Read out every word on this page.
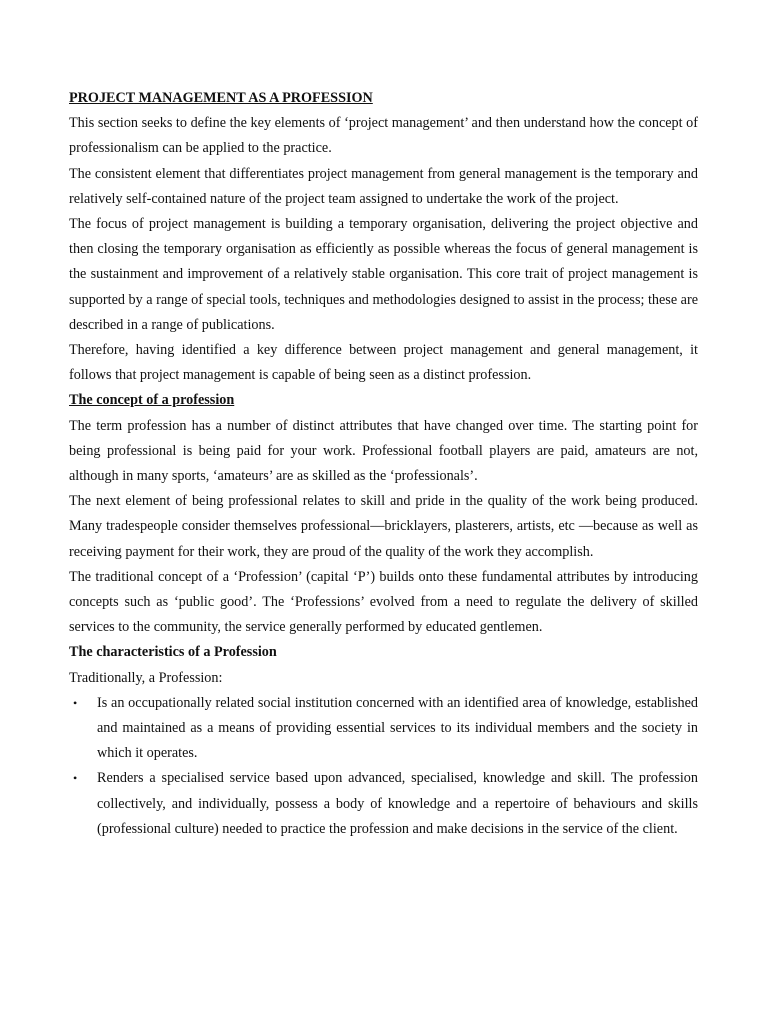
PROJECT MANAGEMENT AS A PROFESSION

This section seeks to define the key elements of ‘project management’ and then understand how the concept of professionalism can be applied to the practice.

The consistent element that differentiates project management from general management is the temporary and relatively self-contained nature of the project team assigned to undertake the work of the project.

The focus of project management is building a temporary organisation, delivering the project objective and then closing the temporary organisation as efficiently as possible whereas the focus of general management is the sustainment and improvement of a relatively stable organisation. This core trait of project management is supported by a range of special tools, techniques and methodologies designed to assist in the process; these are described in a range of publications.

Therefore, having identified a key difference between project management and general management, it follows that project management is capable of being seen as a distinct profession.

The concept of a profession

The term profession has a number of distinct attributes that have changed over time. The starting point for being professional is being paid for your work. Professional football players are paid, amateurs are not, although in many sports, ‘amateurs’ are as skilled as the ‘professionals’.

The next element of being professional relates to skill and pride in the quality of the work being produced. Many tradespeople consider themselves professional—bricklayers, plasterers, artists, etc —because as well as receiving payment for their work, they are proud of the quality of the work they accomplish.

The traditional concept of a ‘Profession’ (capital ‘P’) builds onto these fundamental attributes by introducing concepts such as ‘public good’. The ‘Professions’ evolved from a need to regulate the delivery of skilled services to the community, the service generally performed by educated gentlemen.

The characteristics of a Profession
Traditionally, a Profession:
• Is an occupationally related social institution concerned with an identified area of knowledge, established and maintained as a means of providing essential services to its individual members and the society in which it operates.
• Renders a specialised service based upon advanced, specialised, knowledge and skill. The profession collectively, and individually, possess a body of knowledge and a repertoire of behaviours and skills (professional culture) needed to practice the profession and make decisions in the service of the client.
